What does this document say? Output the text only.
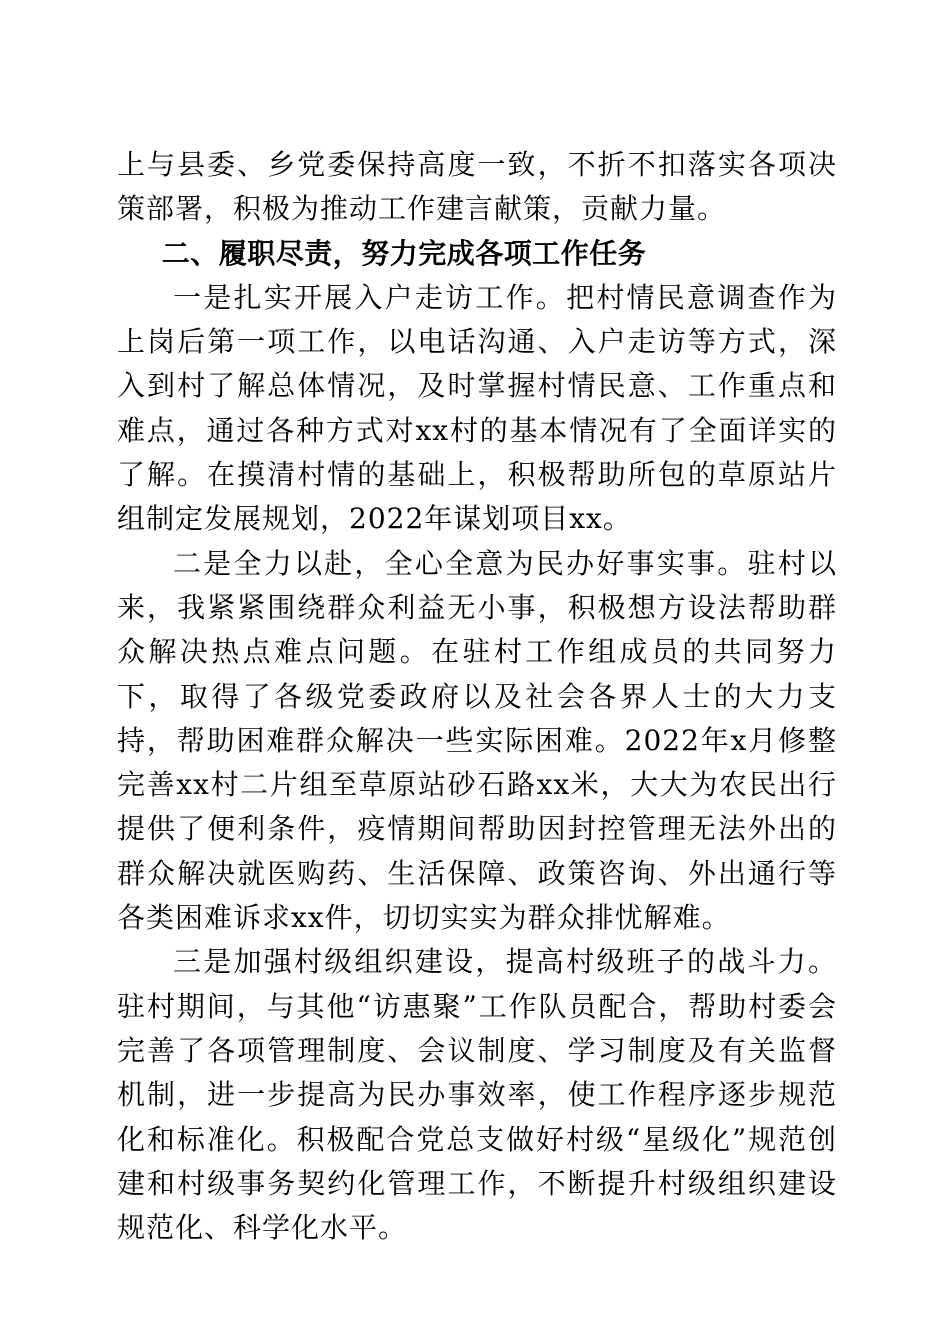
上与县委、乡党委保持高度一致，不折不扣落实各项决策部署，积极为推动工作建言献策，贡献力量。

二、履职尽责，努力完成各项工作任务

一是扎实开展入户走访工作。把村情民意调查作为上岗后第一项工作，以电话沟通、入户走访等方式，深入到村了解总体情况，及时掌握村情民意、工作重点和难点，通过各种方式对xx村的基本情况有了全面详实的了解。在摸清村情的基础上，积极帮助所包的草原站片组制定发展规划，2022年谋划项目xx。

二是全力以赴，全心全意为民办好事实事。驻村以来，我紧紧围绕群众利益无小事，积极想方设法帮助群众解决热点难点问题。在驻村工作组成员的共同努力下，取得了各级党委政府以及社会各界人士的大力支持，帮助困难群众解决一些实际困难。2022年x月修整完善xx村二片组至草原站砂石路xx米，大大为农民出行提供了便利条件，疫情期间帮助因封控管理无法外出的群众解决就医购药、生活保障、政策咨询、外出通行等各类困难诉求xx件，切切实实为群众排忧解难。

三是加强村级组织建设，提高村级班子的战斗力。驻村期间，与其他“访惠聚”工作队员配合，帮助村委会完善了各项管理制度、会议制度、学习制度及有关监督机制，进一步提高为民办事效率，使工作程序逐步规范化和标准化。积极配合党总支做好村级“星级化”规范创建和村级事务契约化管理工作，不断提升村级组织建设规范化、科学化水平。
